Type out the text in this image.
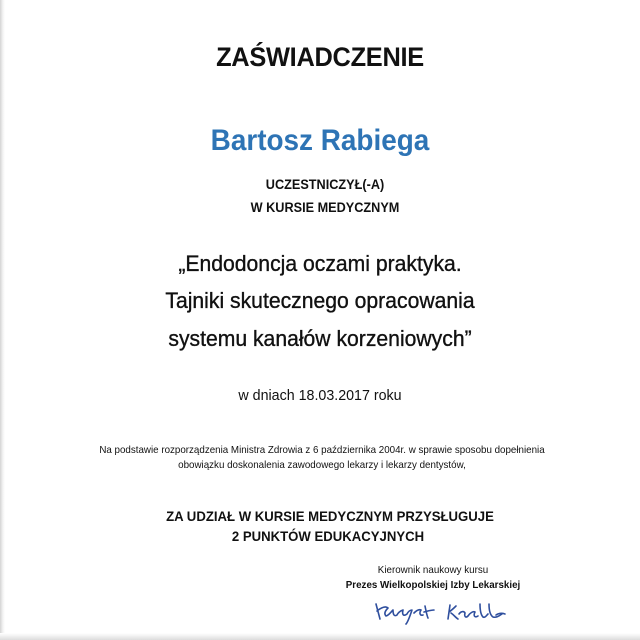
ZAŚWIADCZENIE
Bartosz Rabiega
UCZESTNICZYŁ(-A)
W KURSIE MEDYCZNYM
„Endodoncja oczami praktyka.
Tajniki skutecznego opracowania
systemu kanałów korzeniowych”
w dniach 18.03.2017 roku
Na podstawie rozporządzenia Ministra Zdrowia z 6 października 2004r. w sprawie sposobu dopełnienia
obowiązku doskonalenia zawodowego lekarzy i lekarzy dentystów,
ZA UDZIAŁ W KURSIE MEDYCZNYM PRZYSŁUGUJE
2 PUNKTÓW EDUKACYJNYCH
Kierownik naukowy kursu
Prezes Wielkopolskiej Izby Lekarskiej
